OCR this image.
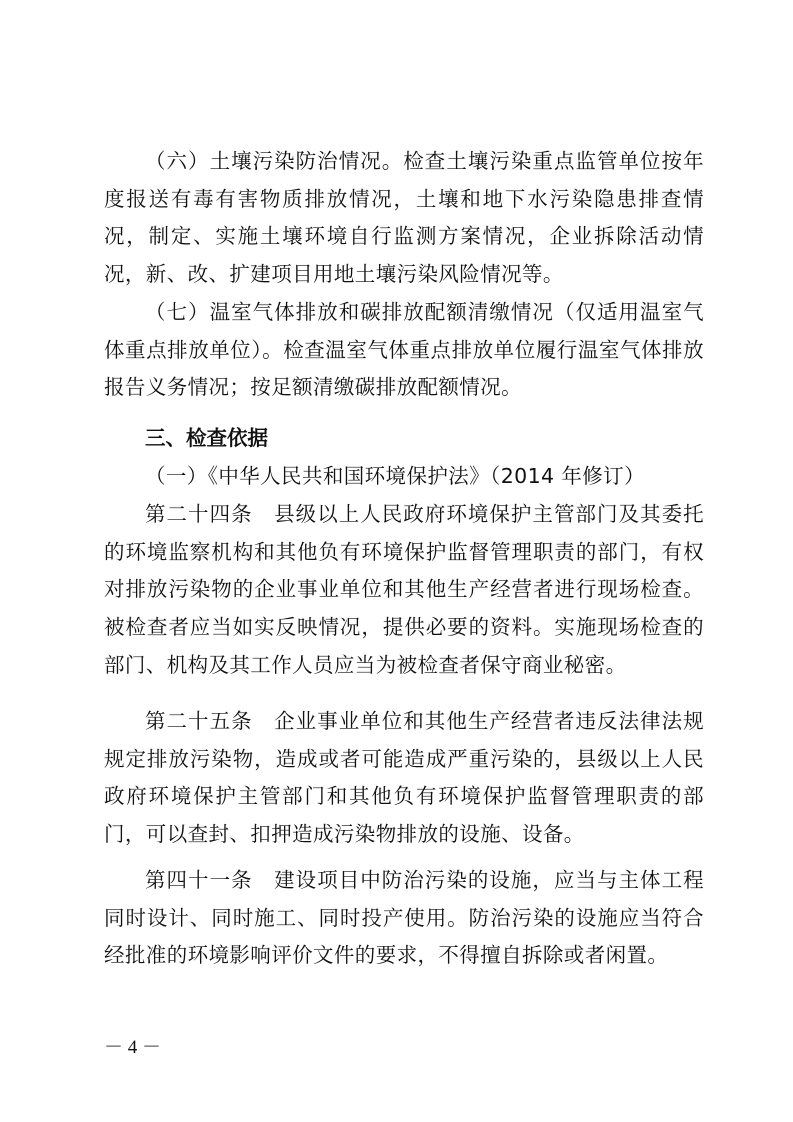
（六）土壤污染防治情况。检查土壤污染重点监管单位按年度报送有毒有害物质排放情况，土壤和地下水污染隐患排查情况，制定、实施土壤环境自行监测方案情况，企业拆除活动情况，新、改、扩建项目用地土壤污染风险情况等。

（七）温室气体排放和碳排放配额清缴情况（仅适用温室气体重点排放单位）。检查温室气体重点排放单位履行温室气体排放报告义务情况；按足额清缴碳排放配额情况。

三、检查依据

（一）《中华人民共和国环境保护法》（2014 年修订）

第二十四条　县级以上人民政府环境保护主管部门及其委托的环境监察机构和其他负有环境保护监督管理职责的部门，有权对排放污染物的企业事业单位和其他生产经营者进行现场检查。被检查者应当如实反映情况，提供必要的资料。实施现场检查的部门、机构及其工作人员应当为被检查者保守商业秘密。

第二十五条　企业事业单位和其他生产经营者违反法律法规规定排放污染物，造成或者可能造成严重污染的，县级以上人民政府环境保护主管部门和其他负有环境保护监督管理职责的部门，可以查封、扣押造成污染物排放的设施、设备。

第四十一条　建设项目中防治污染的设施，应当与主体工程同时设计、同时施工、同时投产使用。防治污染的设施应当符合经批准的环境影响评价文件的要求，不得擅自拆除或者闲置。

－ 4 －
